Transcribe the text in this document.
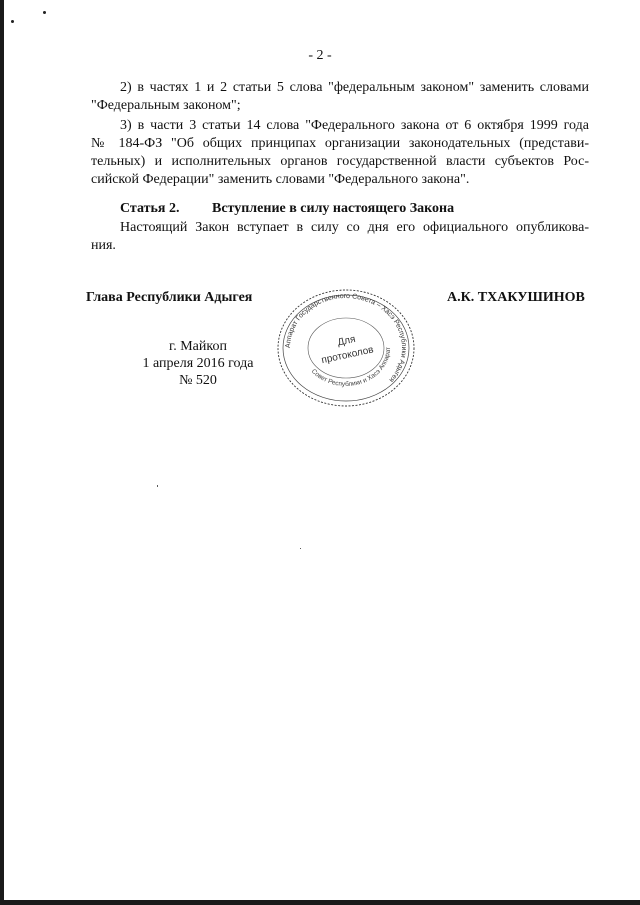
- 2 -
2) в частях 1 и 2 статьи 5 слова "федеральным законом" заменить словами
"Федеральным законом";
3) в части 3 статьи 14 слова "Федерального закона от 6 октября 1999 года
№ 184-ФЗ "Об общих принципах организации законодательных (представи-
тельных) и исполнительных органов государственной власти субъектов Рос-
сийской Федерации" заменить словами "Федерального закона".
Статья 2. Вступление в силу настоящего Закона
Настоящий Закон вступает в силу со дня его официального опубликова-
ния.
Глава Республики Адыгея	А.К. ТХАКУШИНОВ
г. Майкоп
1 апреля 2016 года
№ 520
Аппарат Государственного Совета – Хасэ Республики Адыгея
Совет Республики и Хасэ Аппарат
Для
протоколов
